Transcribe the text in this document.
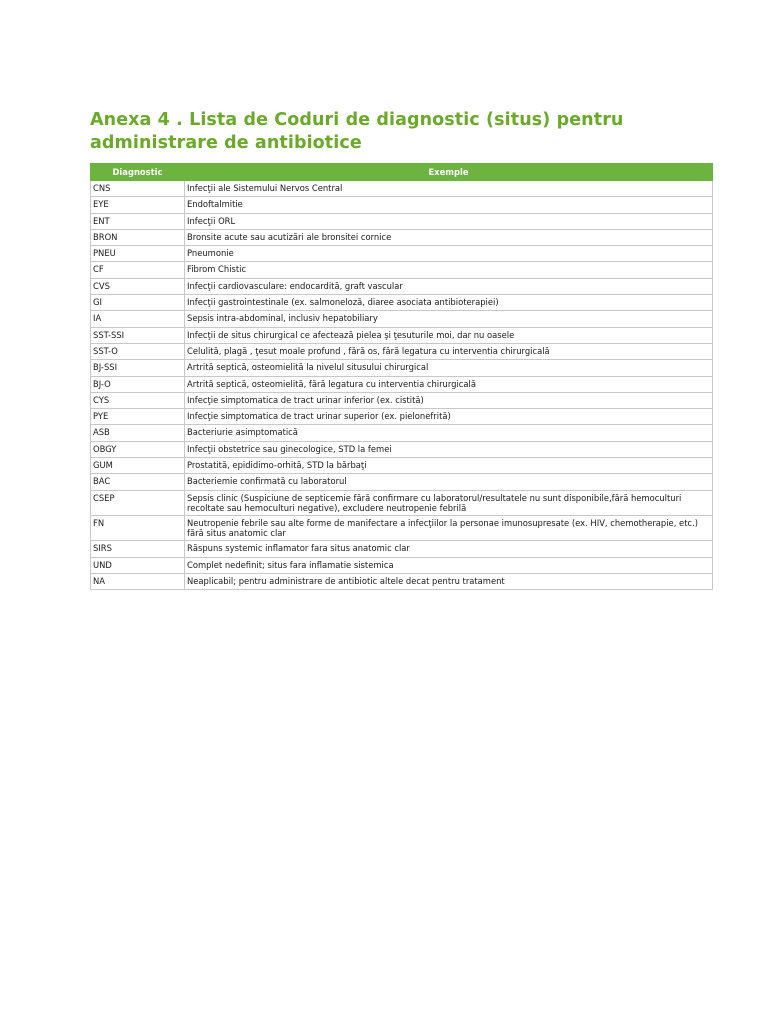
Anexa 4 . Lista de Coduri de diagnostic (situs) pentru administrare de antibiotice
Diagnostic	Exemple
CNS	Infecţii ale Sistemului Nervos Central
EYE	Endoftalmitie
ENT	Infecţii ORL
BRON	Bronsite acute sau acutizări ale bronsitei cornice
PNEU	Pneumonie
CF	Fibrom Chistic
CVS	Infecţii cardiovasculare: endocardită, graft vascular
GI	Infecţii gastrointestinale (ex. salmoneloză, diaree asociata antibioterapiei)
IA	Sepsis intra-abdominal, inclusiv hepatobiliary
SST-SSI	Infecţii de situs chirurgical ce afectează pielea şi ţesuturile moi, dar nu oasele
SST-O	Celulită, plagă , ţesut moale profund , fără os, fără legatura cu interventia chirurgicală
BJ-SSI	Artrită septică, osteomielită la nivelul situsului chirurgical
BJ-O	Artrită septică, osteomielită, fără legatura cu interventia chirurgicală
CYS	Infecţie simptomatica de tract urinar inferior (ex. cistită)
PYE	Infecţie simptomatica de tract urinar superior (ex. pielonefrită)
ASB	Bacteriurie asimptomatică
OBGY	Infecţii obstetrice sau ginecologice, STD la femei
GUM	Prostatită, epididimo-orhită, STD la bărbaţi
BAC	Bacteriemie confirmată cu laboratorul
CSEP	Sepsis clinic (Suspiciune de septicemie fără confirmare cu laboratorul/resultatele nu sunt disponibile,fără hemoculturi recoltate sau hemoculturi negative), excludere neutropenie febrilă
FN	Neutropenie febrile sau alte forme de manifectare a infecţiilor la personae imunosupresate (ex. HIV, chemotherapie, etc.) fără situs anatomic clar
SIRS	Răspuns systemic inflamator fara situs anatomic clar
UND	Complet nedefinit; situs fara inflamatie sistemica
NA	Neaplicabil; pentru administrare de antibiotic altele decat pentru tratament
